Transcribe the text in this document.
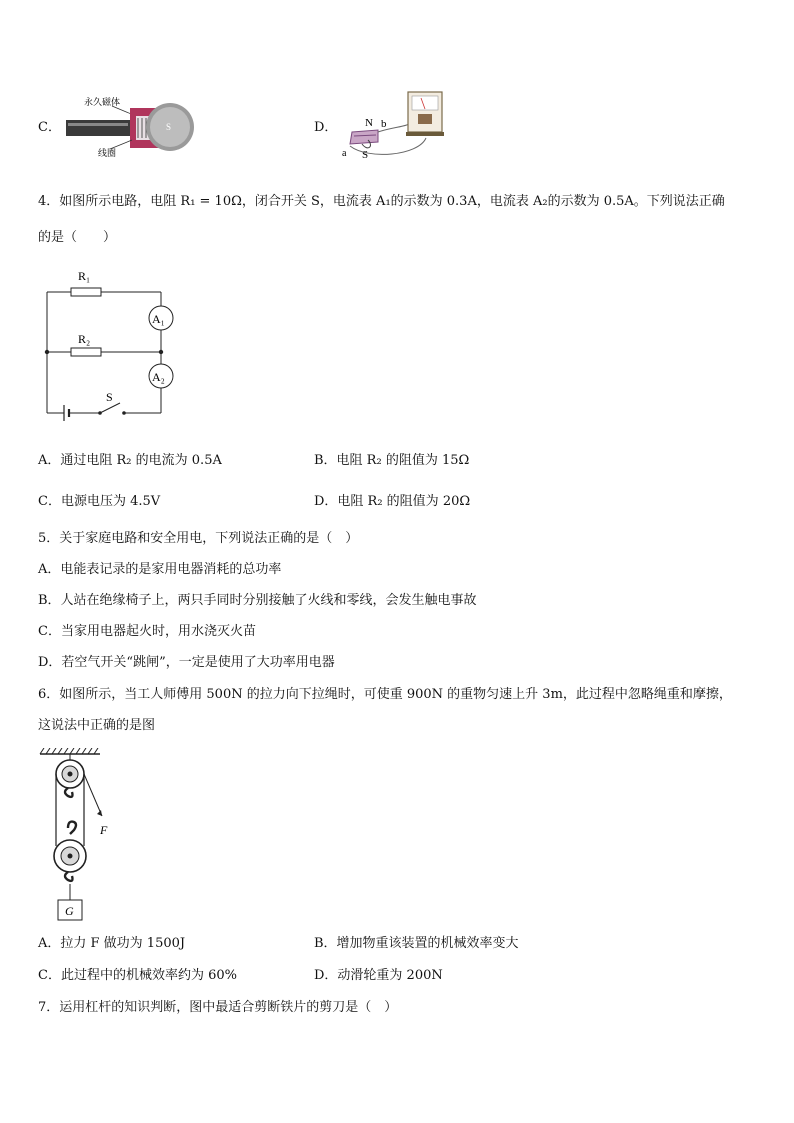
C．
永久磁体
S
线圈
D．	N b
a S
4．如图所示电路，电阻 R₁ = 10Ω，闭合开关 S，电流表 A₁的示数为 0.3A，电流表 A₂的示数为 0.5A。下列说法正确
的是（　　）
R₁
R₂
A₁
A₂
S
A．通过电阻 R₂ 的电流为 0.5A	B．电阻 R₂ 的阻值为 15Ω
C．电源电压为 4.5V	D．电阻 R₂ 的阻值为 20Ω
5．关于家庭电路和安全用电，下列说法正确的是（　）
A．电能表记录的是家用电器消耗的总功率
B．人站在绝缘椅子上，两只手同时分别接触了火线和零线，会发生触电事故
C．当家用电器起火时，用水浇灭火苗
D．若空气开关“跳闸”，一定是使用了大功率用电器
6．如图所示，当工人师傅用 500N 的拉力向下拉绳时，可使重 900N 的重物匀速上升 3m，此过程中忽略绳重和摩擦，
这说法中正确的是图
F
G
A．拉力 F 做功为 1500J	B．增加物重该装置的机械效率变大
C．此过程中的机械效率约为 60%	D．动滑轮重为 200N
7．运用杠杆的知识判断，图中最适合剪断铁片的剪刀是（　）
